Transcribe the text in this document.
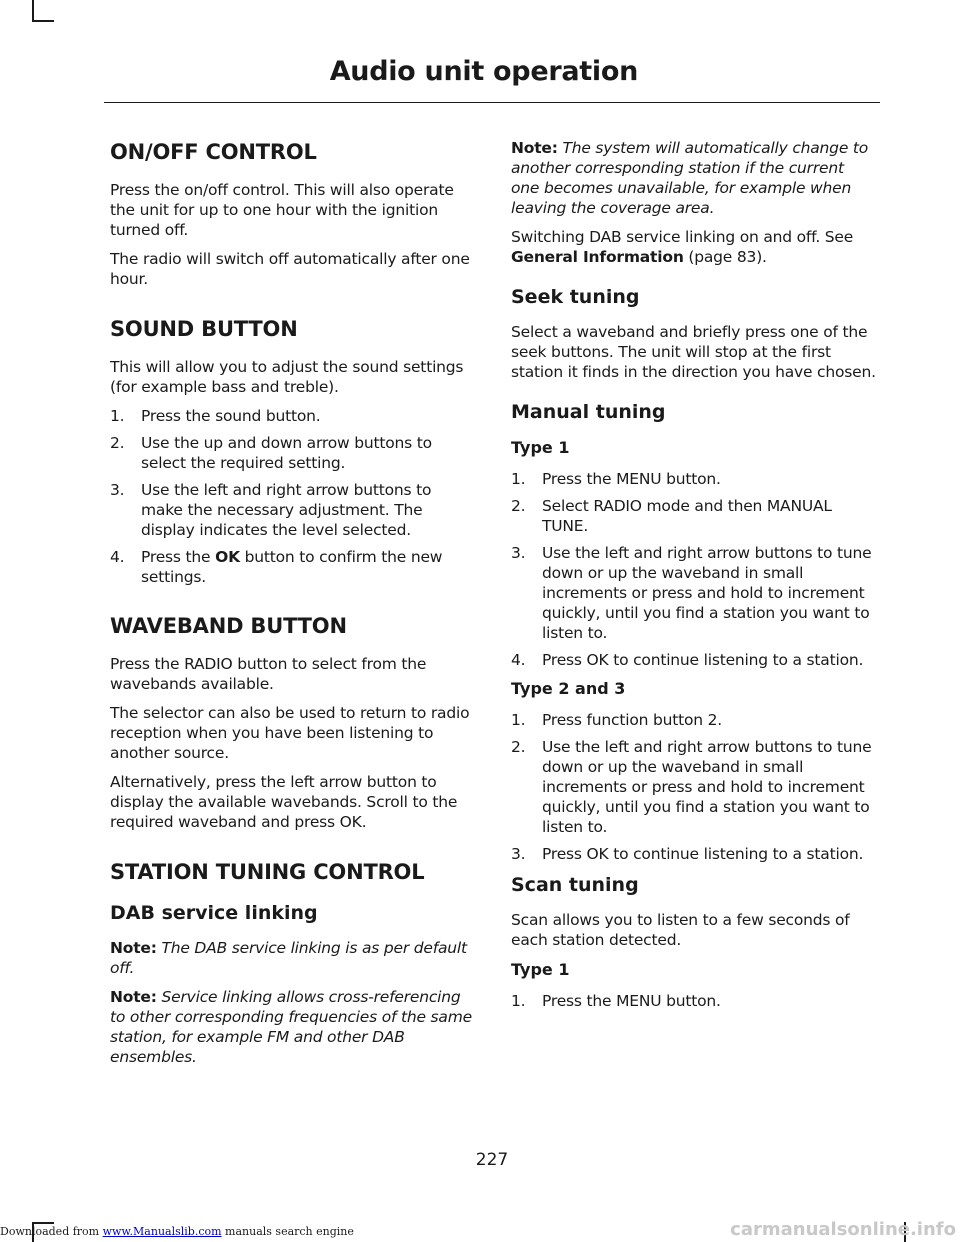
Audio unit operation
ON/OFF CONTROL

Press the on/off control. This will also operate the unit for up to one hour with the ignition turned off.

The radio will switch off automatically after one hour.

SOUND BUTTON

This will allow you to adjust the sound settings (for example bass and treble).

1. Press the sound button.
2. Use the up and down arrow buttons to select the required setting.
3. Use the left and right arrow buttons to make the necessary adjustment. The display indicates the level selected.
4. Press the OK button to confirm the new settings.
WAVEBAND BUTTON

Press the RADIO button to select from the wavebands available.

The selector can also be used to return to radio reception when you have been listening to another source.

Alternatively, press the left arrow button to display the available wavebands. Scroll to the required waveband and press OK.

STATION TUNING CONTROL
DAB service linking

Note: The DAB service linking is as per default off.

Note: Service linking allows cross-referencing to other corresponding frequencies of the same station, for example FM and other DAB ensembles.

Note: The system will automatically change to another corresponding station if the current one becomes unavailable, for example when leaving the coverage area.

Switching DAB service linking on and off. See General Information (page 83).

Seek tuning

Select a waveband and briefly press one of the seek buttons. The unit will stop at the first station it finds in the direction you have chosen.

Manual tuning
Type 1
1. Press the MENU button.
2. Select RADIO mode and then MANUAL TUNE.
3. Use the left and right arrow buttons to tune down or up the waveband in small increments or press and hold to increment quickly, until you find a station you want to listen to.
4. Press OK to continue listening to a station.
Type 2 and 3
1. Press function button 2.
2. Use the left and right arrow buttons to tune down or up the waveband in small increments or press and hold to increment quickly, until you find a station you want to listen to.
3. Press OK to continue listening to a station.
Scan tuning

Scan allows you to listen to a few seconds of each station detected.

Type 1
1. Press the MENU button.
227
Downloaded from www.Manualslib.com manuals search engine	carmanualsonline.info
